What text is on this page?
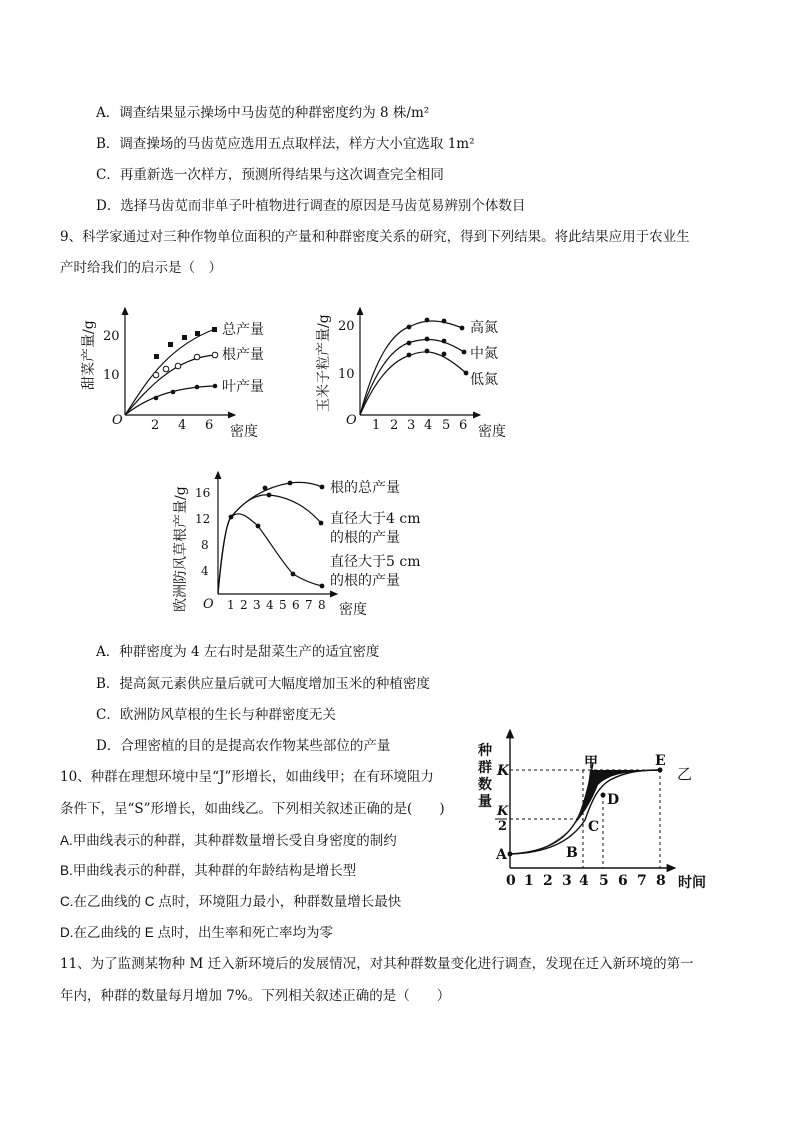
A．调查结果显示操场中马齿苋的种群密度约为 8 株/m²
B．调查操场的马齿苋应选用五点取样法，样方大小宜选取 1m²
C．再重新选一次样方，预测所得结果与这次调查完全相同
D．选择马齿苋而非单子叶植物进行调查的原因是马齿苋易辨别个体数目
9、科学家通过对三种作物单位面积的产量和种群密度关系的研究，得到下列结果。将此结果应用于农业生
产时给我们的启示是（　）
O
20
10
2 4 6 密度
甜菜产量/g	总产量
根产量
叶产量
O
20
10
1 2 3 4 5 6 密度
玉米子粒产量/g	高氮
中氮
低氮
O
16
12
8
4
1 2 3 4 5 6 7 8 密度
欧洲防风草根产量/g	根的总产量
直径大于4 cm 的根的产量
直径大于5 cm 的根的产量
A．种群密度为 4 左右时是甜菜生产的适宜密度
B．提高氮元素供应量后就可大幅度增加玉米的种植密度
C．欧洲防风草根的生长与种群密度无关
D．合理密植的目的是提高农作物某些部位的产量
10、种群在理想环境中呈“J”形增长，如曲线甲；在有环境阻力
条件下，呈“S”形增长，如曲线乙。下列相关叙述正确的是(　　)
A.甲曲线表示的种群，其种群数量增长受自身密度的制约
B.甲曲线表示的种群，其种群的年龄结构是增长型
C.在乙曲线的 C 点时，环境阻力最小，种群数量增长最快
D.在乙曲线的 E 点时，出生率和死亡率均为零
种群数量
K
K 2
0 1 2 3 4 5 6 7 8 时间
A	B
C
D
E
甲
乙
11、为了监测某物种 M 迁入新环境后的发展情况，对其种群数量变化进行调查，发现在迁入新环境的第一
年内，种群的数量每月增加 7%。下列相关叙述正确的是（　　）
